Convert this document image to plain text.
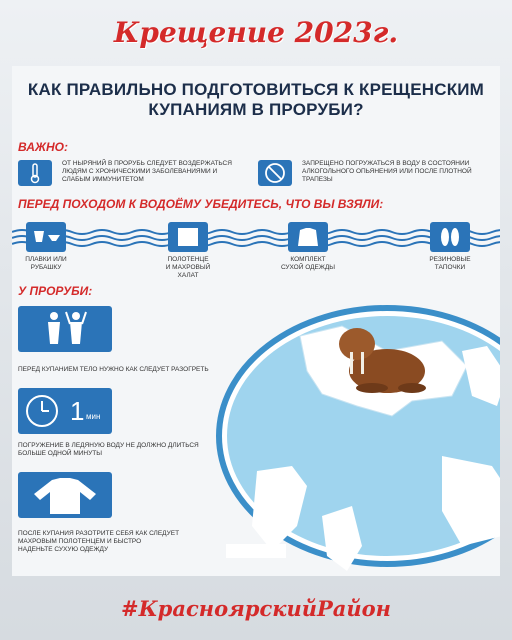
Крещение 2023г.
КАК ПРАВИЛЬНО ПОДГОТОВИТЬСЯ К КРЕЩЕНСКИМ
КУПАНИЯМ В ПРОРУБИ?
ВАЖНО:
ОТ НЫРЯНИЙ В ПРОРУБЬ СЛЕДУЕТ ВОЗДЕРЖАТЬСЯ ЛЮДЯМ С ХРОНИЧЕСКИМИ ЗАБОЛЕВАНИЯМИ И СЛАБЫМ ИММУНИТЕТОМ
ЗАПРЕЩЕНО ПОГРУЖАТЬСЯ В ВОДУ В СОСТОЯНИИ АЛКОГОЛЬНОГО ОПЬЯНЕНИЯ ИЛИ ПОСЛЕ ПЛОТНОЙ ТРАПЕЗЫ
ПЕРЕД ПОХОДОМ К ВОДОЁМУ УБЕДИТЕСЬ, ЧТО ВЫ ВЗЯЛИ:
ПЛАВКИ ИЛИ
РУБАШКУ
ПОЛОТЕНЦЕ
И МАХРОВЫЙ
ХАЛАТ
КОМПЛЕКТ
СУХОЙ ОДЕЖДЫ
РЕЗИНОВЫЕ
ТАПОЧКИ
У ПРОРУБИ:
ПЕРЕД КУПАНИЕМ ТЕЛО НУЖНО КАК СЛЕДУЕТ РАЗОГРЕТЬ
1 мин
ПОГРУЖЕНИЕ В ЛЕДЯНУЮ ВОДУ НЕ ДОЛЖНО ДЛИТЬСЯ
БОЛЬШЕ ОДНОЙ МИНУТЫ
ПОСЛЕ КУПАНИЯ РАЗОТРИТЕ СЕБЯ КАК СЛЕДУЕТ
МАХРОВЫМ ПОЛОТЕНЦЕМ И БЫСТРО
НАДЕНЬТЕ СУХУЮ ОДЕЖДУ
#КраснoярскийРайон
